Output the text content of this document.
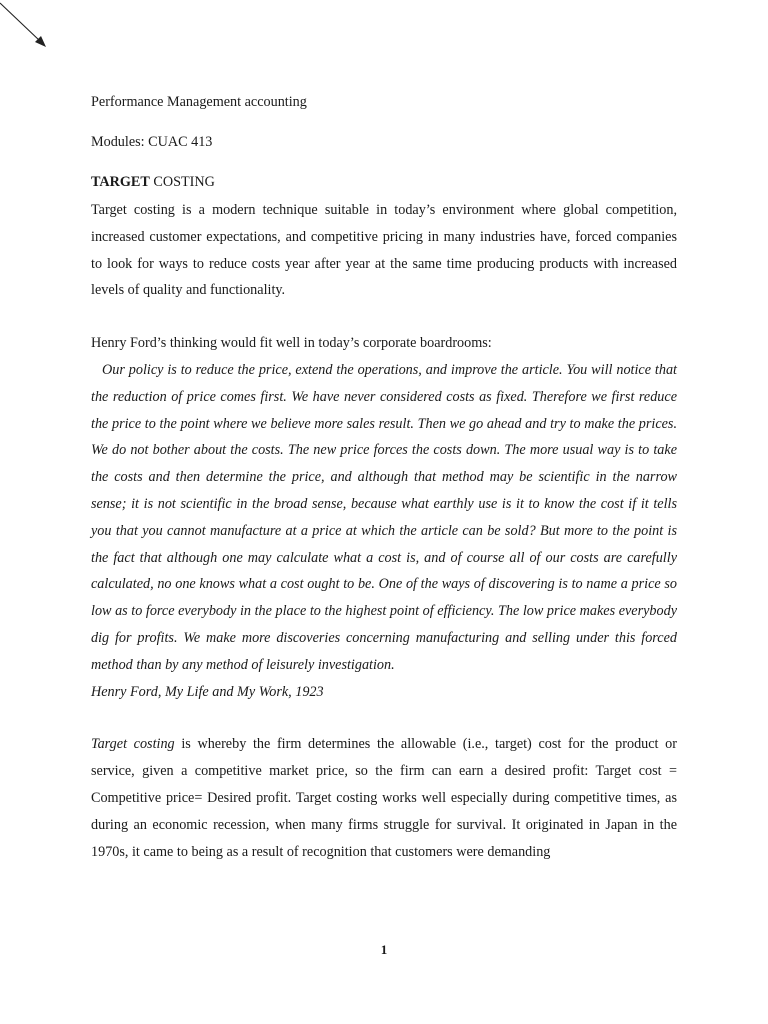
Performance Management accounting

Modules: CUAC 413

TARGET COSTING

Target costing is a modern technique suitable in today’s environment where global competition, increased customer expectations, and competitive pricing in many industries have, forced companies to look for ways to reduce costs year after year at the same time producing products with increased levels of quality and functionality.

Henry Ford’s thinking would fit well in today’s corporate boardrooms:

Our policy is to reduce the price, extend the operations, and improve the article. You will notice that the reduction of price comes first. We have never considered costs as fixed. Therefore we first reduce the price to the point where we believe more sales result. Then we go ahead and try to make the prices. We do not bother about the costs. The new price forces the costs down. The more usual way is to take the costs and then determine the price, and although that method may be scientific in the narrow sense; it is not scientific in the broad sense, because what earthly use is it to know the cost if it tells you that you cannot manufacture at a price at which the article can be sold? But more to the point is the fact that although one may calculate what a cost is, and of course all of our costs are carefully calculated, no one knows what a cost ought to be. One of the ways of discovering is to name a price so low as to force everybody in the place to the highest point of efficiency. The low price makes everybody dig for profits. We make more discoveries concerning manufacturing and selling under this forced method than by any method of leisurely investigation.

Henry Ford, My Life and My Work, 1923

Target costing is whereby the firm determines the allowable (i.e., target) cost for the product or service, given a competitive market price, so the firm can earn a desired profit: Target cost = Competitive price= Desired profit. Target costing works well especially during competitive times, as during an economic recession, when many firms struggle for survival. It originated in Japan in the 1970s, it came to being as a result of recognition that customers were demanding

1
